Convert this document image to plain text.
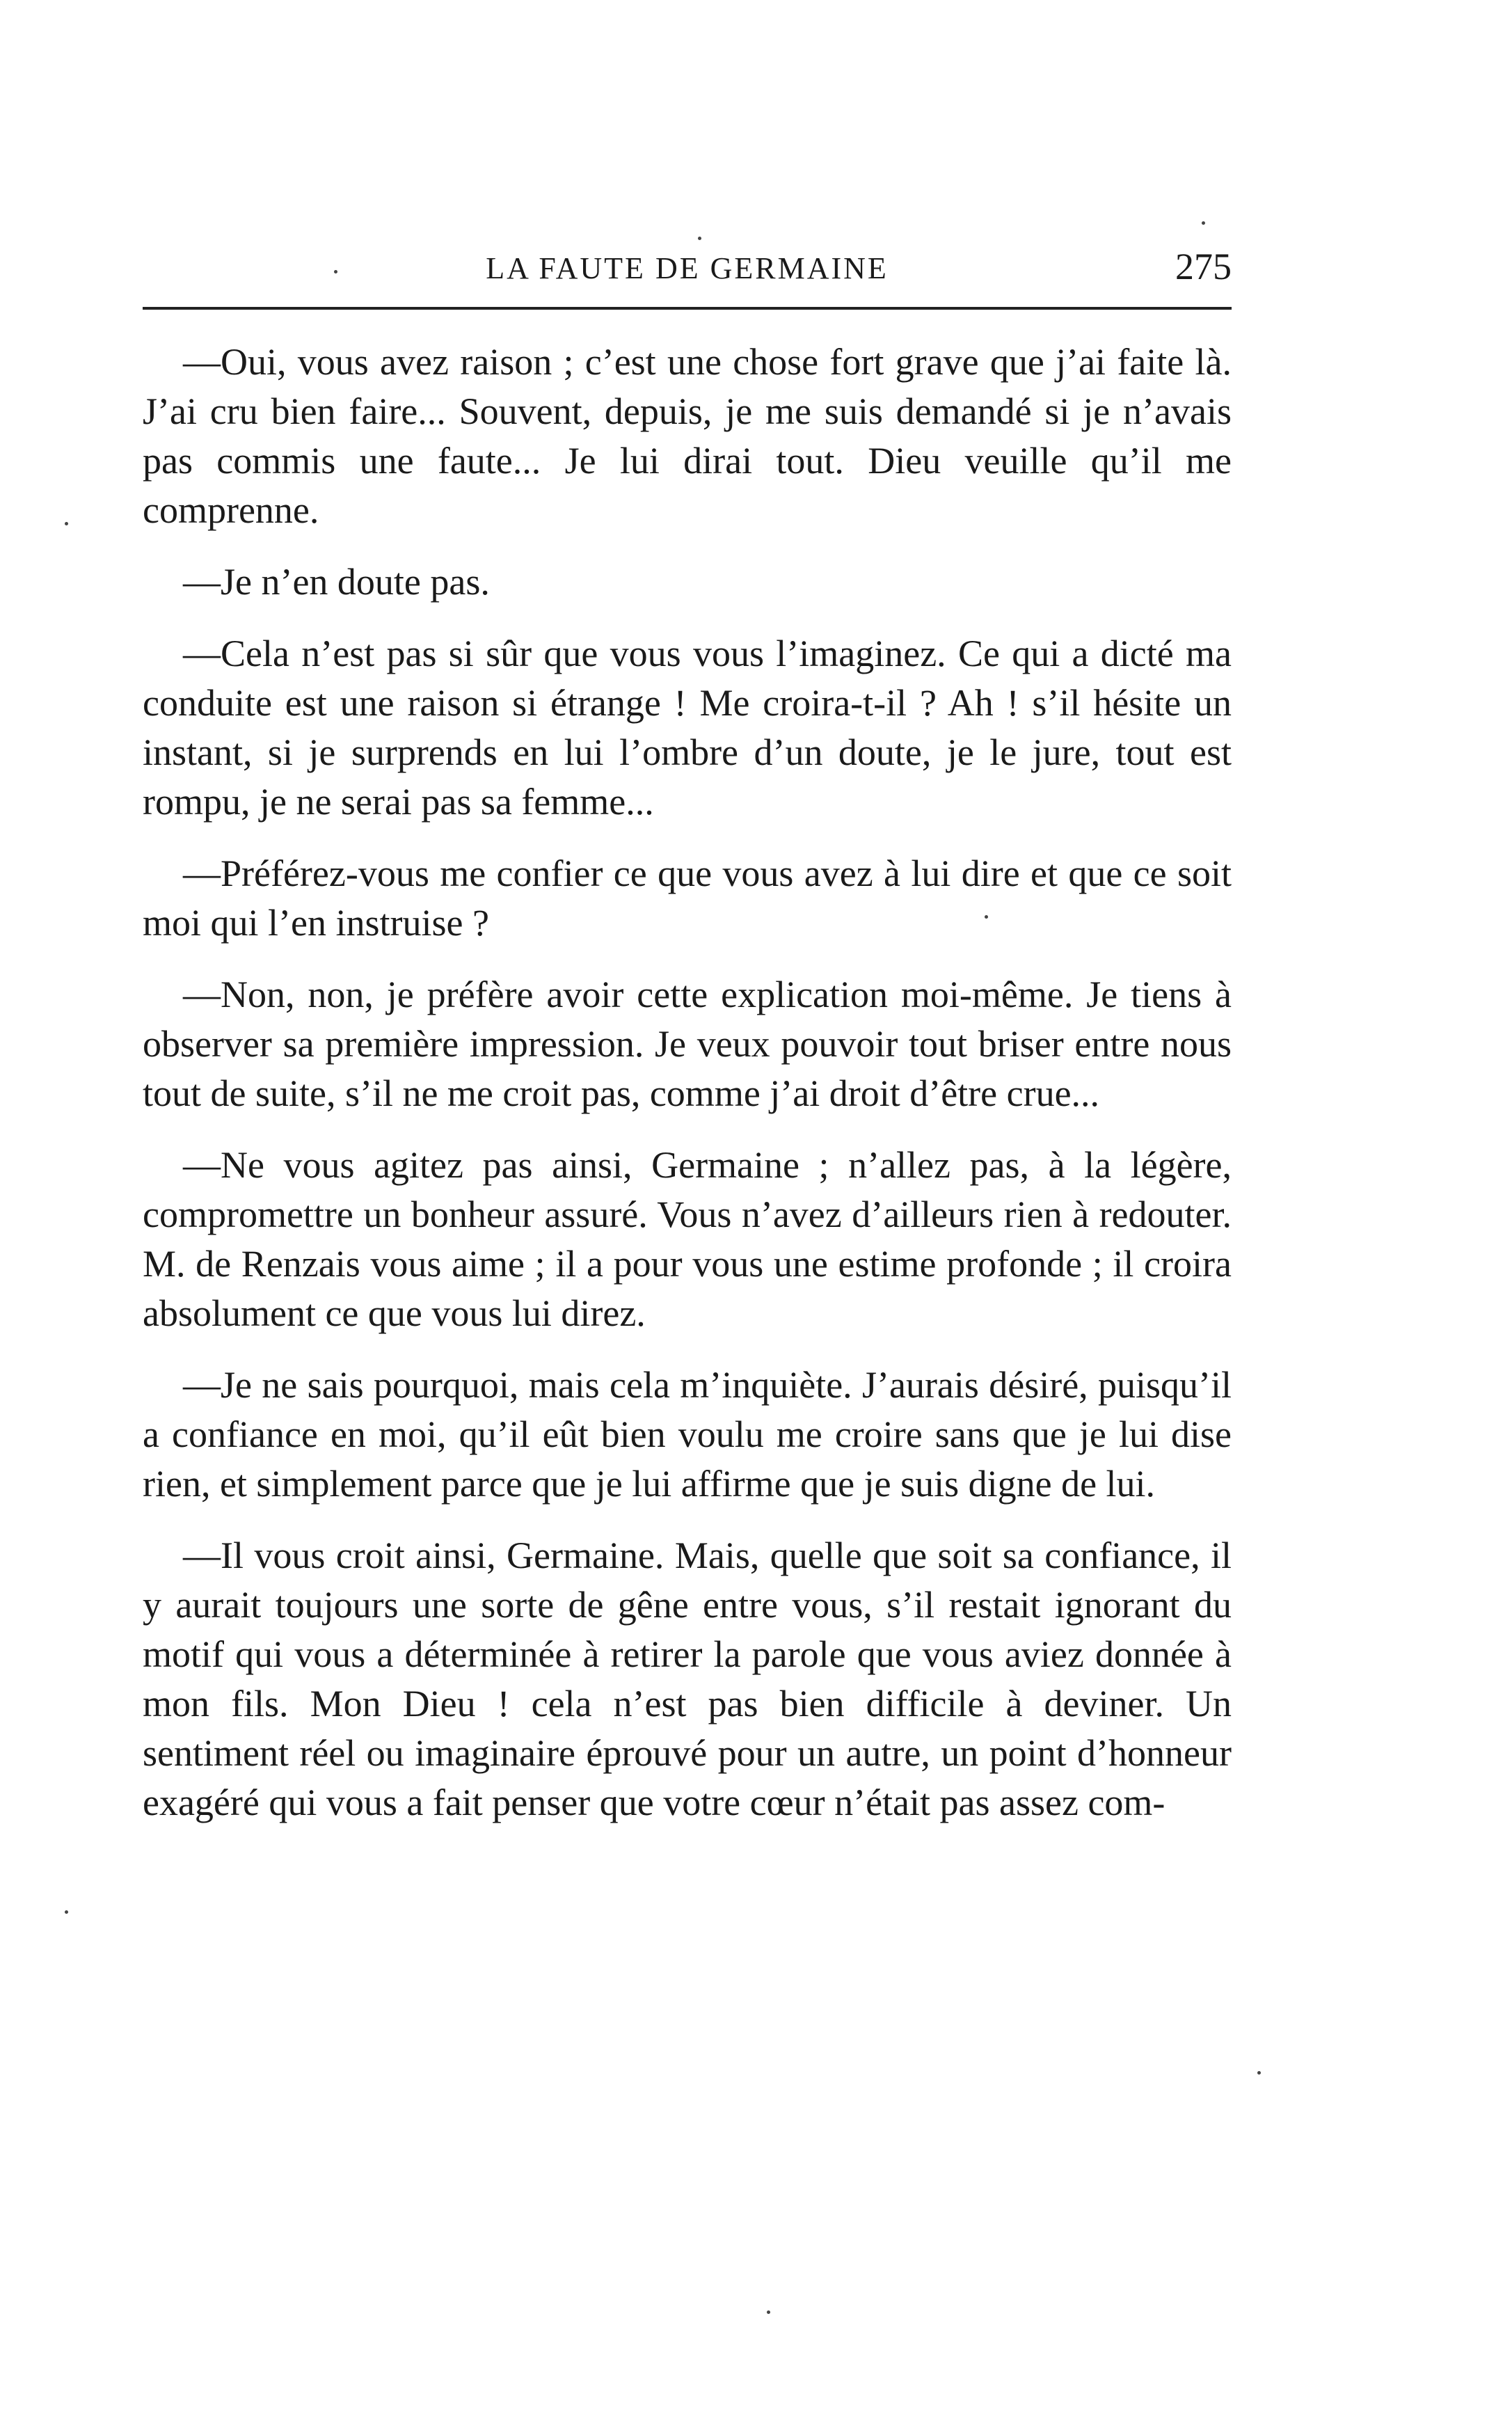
LA FAUTE DE GERMAINE	275

—Oui, vous avez raison ; c’est une chose fort grave que j’ai faite là. J’ai cru bien faire... Souvent, depuis, je me suis demandé si je n’avais pas commis une faute... Je lui dirai tout. Dieu veuille qu’il me comprenne.

—Je n’en doute pas.

—Cela n’est pas si sûr que vous vous l’imaginez. Ce qui a dicté ma conduite est une raison si étrange ! Me croira-t-il ? Ah ! s’il hésite un instant, si je surprends en lui l’ombre d’un doute, je le jure, tout est rompu, je ne serai pas sa femme...

—Préférez-vous me confier ce que vous avez à lui dire et que ce soit moi qui l’en instruise ?

—Non, non, je préfère avoir cette explication moi-même. Je tiens à observer sa première impression. Je veux pouvoir tout briser entre nous tout de suite, s’il ne me croit pas, comme j’ai droit d’être crue...

—Ne vous agitez pas ainsi, Germaine ; n’allez pas, à la légère, compromettre un bonheur assuré. Vous n’avez d’ailleurs rien à redouter. M. de Renzais vous aime ; il a pour vous une estime profonde ; il croira absolument ce que vous lui direz.

—Je ne sais pourquoi, mais cela m’inquiète. J’aurais désiré, puisqu’il a confiance en moi, qu’il eût bien voulu me croire sans que je lui dise rien, et simplement parce que je lui affirme que je suis digne de lui.

—Il vous croit ainsi, Germaine. Mais, quelle que soit sa confiance, il y aurait toujours une sorte de gêne entre vous, s’il restait ignorant du motif qui vous a déterminée à retirer la parole que vous aviez donnée à mon fils. Mon Dieu ! cela n’est pas bien difficile à deviner. Un sentiment réel ou imaginaire éprouvé pour un autre, un point d’honneur exagéré qui vous a fait penser que votre cœur n’était pas assez com-
